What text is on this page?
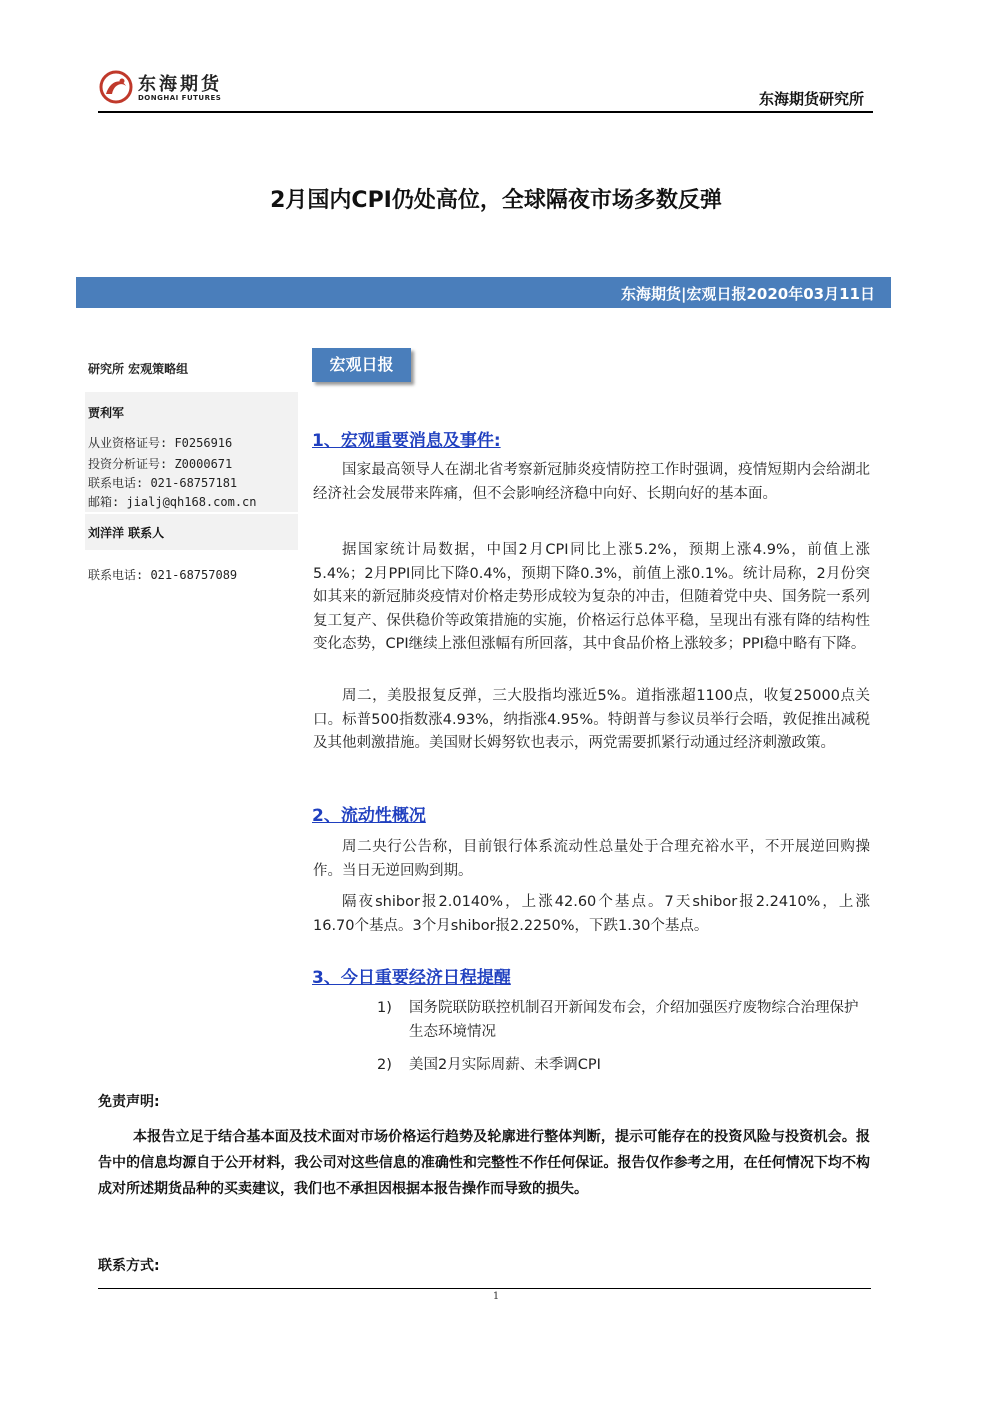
东海期货
DONGHAI FUTURES	东海期货研究所
2月国内CPI仍处高位，全球隔夜市场多数反弹
东海期货|宏观日报2020年03月11日
研究所 宏观策略组
贾利军
从业资格证号: F0256916
投资分析证号: Z0000671
联系电话: 021-68757181
邮箱: jialj@qh168.com.cn
刘洋洋 联系人
联系电话: 021-68757089
宏观日报
1、宏观重要消息及事件:

国家最高领导人在湖北省考察新冠肺炎疫情防控工作时强调，疫情短期内会给湖北经济社会发展带来阵痛，但不会影响经济稳中向好、长期向好的基本面。

据国家统计局数据，中国2月CPI同比上涨5.2%，预期上涨4.9%，前值上涨5.4%；2月PPI同比下降0.4%，预期下降0.3%，前值上涨0.1%。统计局称，2月份突如其来的新冠肺炎疫情对价格走势形成较为复杂的冲击，但随着党中央、国务院一系列复工复产、保供稳价等政策措施的实施，价格运行总体平稳，呈现出有涨有降的结构性变化态势，CPI继续上涨但涨幅有所回落，其中食品价格上涨较多；PPI稳中略有下降。

周二，美股报复反弹，三大股指均涨近5%。道指涨超1100点，收复25000点关口。标普500指数涨4.93%，纳指涨4.95%。特朗普与参议员举行会晤，敦促推出减税及其他刺激措施。美国财长姆努钦也表示，两党需要抓紧行动通过经济刺激政策。

2、流动性概况

周二央行公告称，目前银行体系流动性总量处于合理充裕水平，不开展逆回购操作。当日无逆回购到期。

隔夜shibor报2.0140%，上涨42.60个基点。7天shibor报2.2410%，上涨16.70个基点。3个月shibor报2.2250%，下跌1.30个基点。

3、今日重要经济日程提醒
1)	国务院联防联控机制召开新闻发布会，介绍加强医疗废物综合治理保护生态环境情况
2)	美国2月实际周薪、未季调CPI
免责声明:

本报告立足于结合基本面及技术面对市场价格运行趋势及轮廓进行整体判断，提示可能存在的投资风险与投资机会。报告中的信息均源自于公开材料，我公司对这些信息的准确性和完整性不作任何保证。报告仅作参考之用，在任何情况下均不构成对所述期货品种的买卖建议，我们也不承担因根据本报告操作而导致的损失。

联系方式:
1
